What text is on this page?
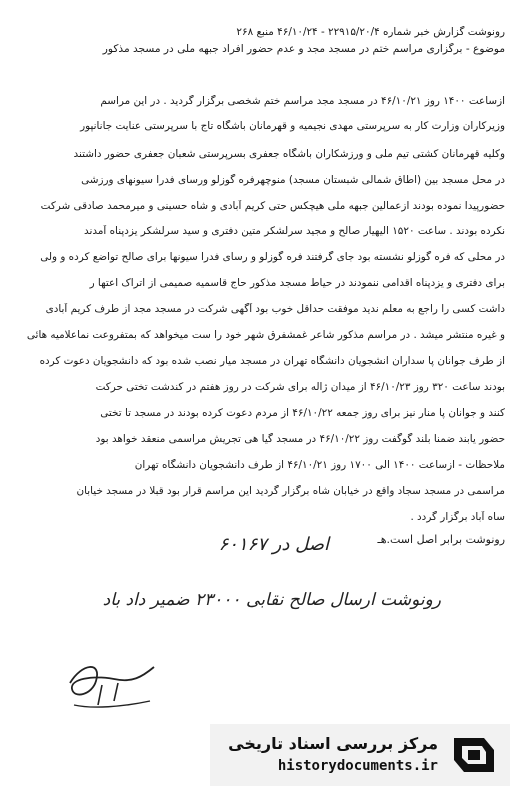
رونوشت گزارش خبر شماره ۲۲۹۱۵/۲۰/۴ - ۴۶/۱۰/۲۴ منبع ۲۶۸
موضوع - برگزاری مراسم ختم در مسجد مجد و عدم حضور افراد جبهه ملی در مسجد مذکور
ازساعت ۱۴۰۰ روز ۴۶/۱۰/۲۱ در مسجد مجد مراسم ختم شخصی برگزار گردید . در این مراسم
وزیرکاران وزارت کار به سرپرستی مهدی نجیمیه و قهرمانان باشگاه تاج با سرپرستی عنایت جانانپور
وکلیه قهرمانان کشتی تیم ملی و ورزشکاران باشگاه جعفری بسرپرستی شعبان جعفری حضور داشتند
در محل مسجد بین (اطاق شمالی شبستان مسجد) منوچهرفره گوزلو ورسای فدرا سیونهای ورزشی
حضورپیدا نموده بودند ازعمالین جبهه ملی هیچکس حتی کریم آبادی و شاه حسینی و میرمحمد صادقی شرکت
نکرده بودند . ساعت ۱۵۲۰ الیهیار صالح و مجید سرلشکر متین دفتری و سید سرلشکر یزدپناه آمدند
در محلی که فره گوزلو نشسته بود جای گرفتند فره گوزلو و رسای فدرا سیونها برای صالح تواضع کرده و ولی
برای دفتری و یزدپناه اقدامی ننمودند در حیاط مسجد مذکور حاج قاسمیه صمیمی از اتراک اعتها ر
داشت کسی را راجع به معلم ندید موفقت حداقل خوب بود آگهی شرکت در مسجد مجد از طرف کریم آبادی
و غیره منتشر میشد . در مراسم مذکور شاعر غمشفرق شهر خود را ست میخواهد که بمتفروعت نماعلامیه هائی
از طرف جوانان پا سداران انشجویان دانشگاه تهران در مسجد میار نصب شده بود که دانشجویان دعوت کرده
بودند ساعت ۳۲۰ روز ۴۶/۱۰/۲۳ از میدان ژاله برای شرکت در روز هفتم در کندشت تختی حرکت
کنند و جوانان پا منار نیز برای روز جمعه ۴۶/۱۰/۲۲ از مردم دعوت کرده بودند در مسجد تا تختی
حضور یابند ضمنا بلند گوگفت روز ۴۶/۱۰/۲۲ در مسجد گیا هی تجریش مراسمی منعقد خواهد بود
ملاحظات - ازساعت ۱۴۰۰ الی ۱۷۰۰ روز ۴۶/۱۰/۲۱ از طرف دانشجویان دانشگاه تهران
مراسمی در مسجد سجاد واقع در خیابان شاه برگزار گردید این مراسم قرار بود قبلا در مسجد خیابان
ساه آباد برگزار گردد .
رونوشت برابر اصل است.هـ
اصل در ۶۰۱۶۷
رونوشت ارسال صالح نقابی ۲۳۰۰۰ ضمیر داد باد
مرکز بررسی اسناد تاریخی
historydocuments.ir
